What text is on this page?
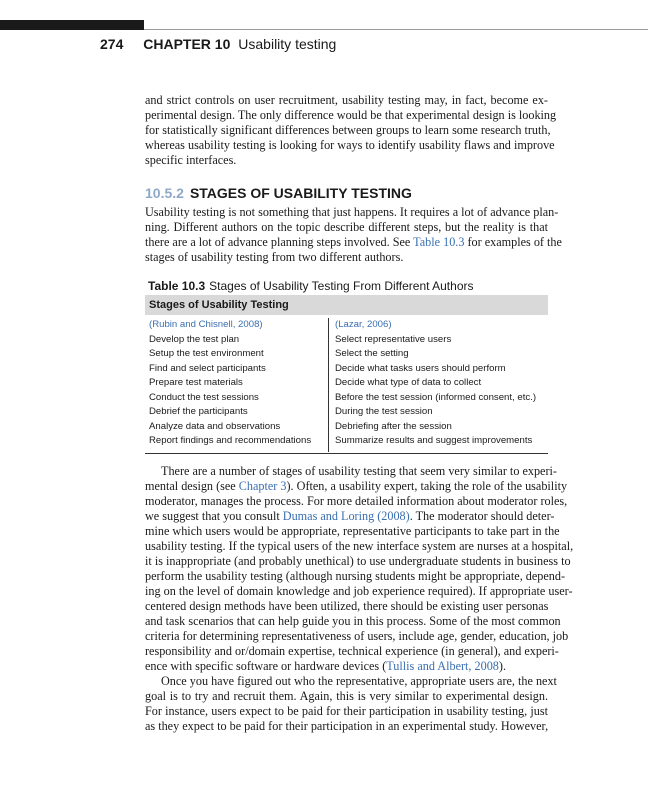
274 CHAPTER 10 Usability testing

and strict controls on user recruitment, usability testing may, in fact, become ex-
perimental design. The only difference would be that experimental design is looking
for statistically significant differences between groups to learn some research truth,
whereas usability testing is looking for ways to identify usability flaws and improve
specific interfaces.

10.5.2 STAGES OF USABILITY TESTING

Usability testing is not something that just happens. It requires a lot of advance plan-
ning. Different authors on the topic describe different steps, but the reality is that
there are a lot of advance planning steps involved. See Table 10.3 for examples of the
stages of usability testing from two different authors.

Table 10.3 Stages of Usability Testing From Different Authors
Stages of Usability Testing
(Rubin and Chisnell, 2008)
Develop the test plan
Setup the test environment
Find and select participants
Prepare test materials
Conduct the test sessions
Debrief the participants
Analyze data and observations
Report findings and recommendations
(Lazar, 2006)
Select representative users
Select the setting
Decide what tasks users should perform
Decide what type of data to collect
Before the test session (informed consent, etc.)
During the test session
Debriefing after the session
Summarize results and suggest improvements

There are a number of stages of usability testing that seem very similar to experi-
mental design (see Chapter 3). Often, a usability expert, taking the role of the usability
moderator, manages the process. For more detailed information about moderator roles,
we suggest that you consult Dumas and Loring (2008). The moderator should deter-
mine which users would be appropriate, representative participants to take part in the
usability testing. If the typical users of the new interface system are nurses at a hospital,
it is inappropriate (and probably unethical) to use undergraduate students in business to
perform the usability testing (although nursing students might be appropriate, depend-
ing on the level of domain knowledge and job experience required). If appropriate user-
centered design methods have been utilized, there should be existing user personas
and task scenarios that can help guide you in this process. Some of the most common
criteria for determining representativeness of users, include age, gender, education, job
responsibility and or/domain expertise, technical experience (in general), and experi-
ence with specific software or hardware devices (Tullis and Albert, 2008).

Once you have figured out who the representative, appropriate users are, the next
goal is to try and recruit them. Again, this is very similar to experimental design.
For instance, users expect to be paid for their participation in usability testing, just
as they expect to be paid for their participation in an experimental study. However,
